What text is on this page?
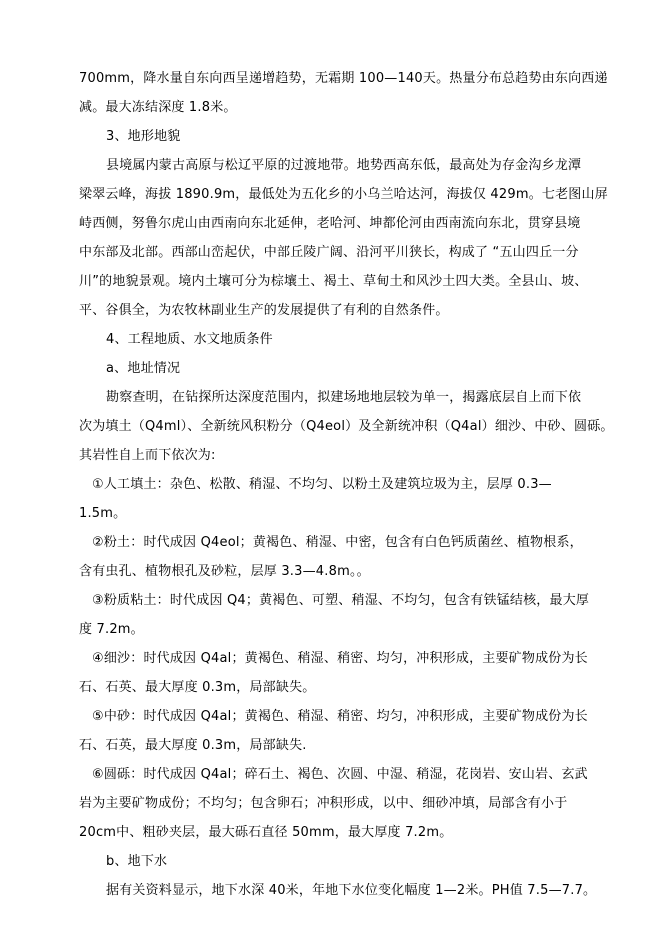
700mm，降水量自东向西呈递增趋势，无霜期 100—140天。热量分布总趋势由东向西递
减。最大冻结深度 1.8米。
3、地形地貌
县境属内蒙古高原与松辽平原的过渡地带。地势西高东低，最高处为存金沟乡龙潭
梁翠云峰，海拔 1890.9m，最低处为五化乡的小乌兰哈达河，海拔仅 429m。七老图山屏
峙西侧，努鲁尔虎山由西南向东北延伸，老哈河、坤都伦河由西南流向东北，贯穿县境
中东部及北部。西部山峦起伏，中部丘陵广阔、沿河平川狭长，构成了 “五山四丘一分
川”的地貌景观。境内土壤可分为棕壤土、褐土、草甸土和风沙土四大类。全县山、坡、
平、谷俱全，为农牧林副业生产的发展提供了有利的自然条件。
4、工程地质、水文地质条件
a、地址情况
勘察查明，在钻探所达深度范围内，拟建场地地层较为单一，揭露底层自上而下依
次为填土（Q4ml）、全新统风积粉分（Q4eol）及全新统冲积（Q4al）细沙、中砂、圆砾。
其岩性自上而下依次为:
①人工填土：杂色、松散、稍湿、不均匀、以粉土及建筑垃圾为主，层厚 0.3—
1.5m。
②粉土：时代成因 Q4eol；黄褐色、稍湿、中密，包含有白色钙质菌丝、植物根系，
含有虫孔、植物根孔及砂粒，层厚 3.3—4.8m。。
③粉质粘土：时代成因 Q4；黄褐色、可塑、稍湿、不均匀，包含有铁锰结核，最大厚
度 7.2m。
④细沙：时代成因 Q4al；黄褐色、稍湿、稍密、均匀，冲积形成，主要矿物成份为长
石、石英、最大厚度 0.3m，局部缺失。
⑤中砂：时代成因 Q4al；黄褐色、稍湿、稍密、均匀，冲积形成，主要矿物成份为长
石、石英，最大厚度 0.3m，局部缺失.
⑥圆砾：时代成因 Q4al；碎石土、褐色、次圆、中湿、稍湿，花岗岩、安山岩、玄武
岩为主要矿物成份；不均匀；包含卵石；冲积形成，以中、细砂冲填，局部含有小于
20cm中、粗砂夹层，最大砾石直径 50mm，最大厚度 7.2m。
b、地下水
据有关资料显示，地下水深 40米，年地下水位变化幅度 1—2米。PH值 7.5—7.7。
